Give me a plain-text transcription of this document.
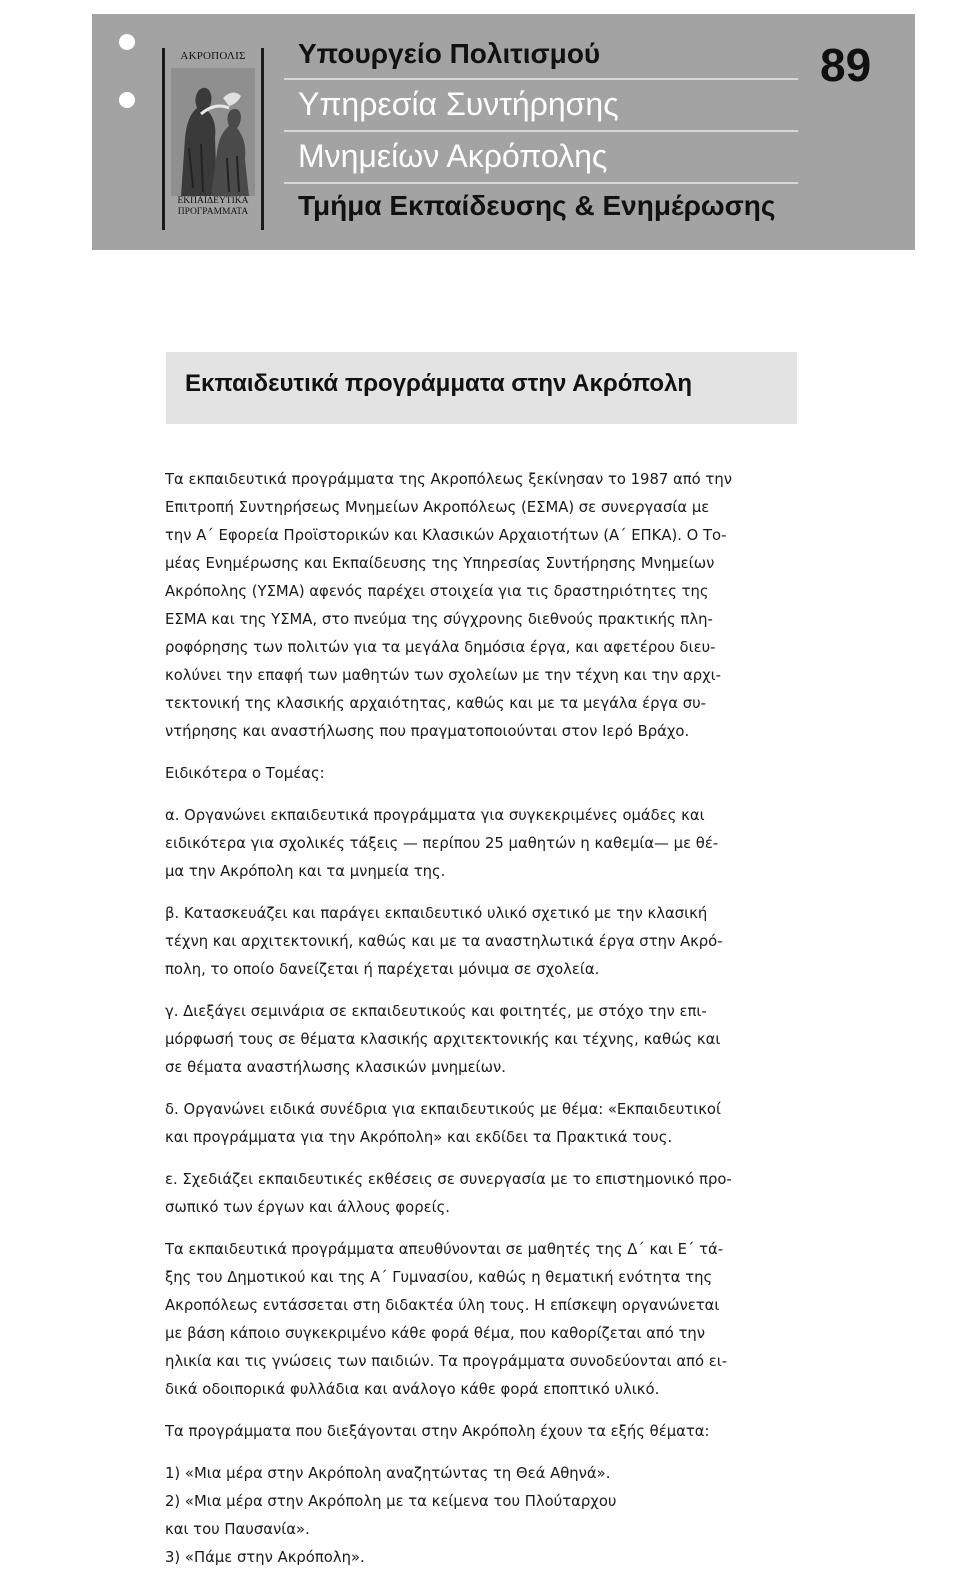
ΑΚΡΟΠΟΛΙΣ
ΕΚΠΑΙΔΕΥΤΙΚΑ
ΠΡΟΓΡΑΜΜΑΤΑ
Υπουργείο Πολιτισμού
Υπηρεσία Συντήρησης
Μνημείων Ακρόπολης
Τμήμα Εκπαίδευσης & Ενημέρωσης
89
Εκπαιδευτικά προγράμματα στην Ακρόπολη
Τα εκπαιδευτικά προγράμματα της Ακροπόλεως ξεκίνησαν το 1987 από την
Επιτροπή Συντηρήσεως Μνημείων Ακροπόλεως (ΕΣΜΑ) σε συνεργασία με
την Α΄ Εφορεία Προϊστορικών και Κλασικών Αρχαιοτήτων (Α΄ ΕΠΚΑ). Ο Το-
μέας Ενημέρωσης και Εκπαίδευσης της Υπηρεσίας Συντήρησης Μνημείων
Ακρόπολης (ΥΣΜΑ) αφενός παρέχει στοιχεία για τις δραστηριότητες της
ΕΣΜΑ και της ΥΣΜΑ, στο πνεύμα της σύγχρονης διεθνούς πρακτικής πλη-
ροφόρησης των πολιτών για τα μεγάλα δημόσια έργα, και αφετέρου διευ-
κολύνει την επαφή των μαθητών των σχολείων με την τέχνη και την αρχι-
τεκτονική της κλασικής αρχαιότητας, καθώς και με τα μεγάλα έργα συ-
ντήρησης και αναστήλωσης που πραγματοποιούνται στον Ιερό Βράχο.
Ειδικότερα ο Τομέας:
α. Οργανώνει εκπαιδευτικά προγράμματα για συγκεκριμένες ομάδες και
ειδικότερα για σχολικές τάξεις — περίπου 25 μαθητών η καθεμία— με θέ-
μα την Ακρόπολη και τα μνημεία της.
β. Κατασκευάζει και παράγει εκπαιδευτικό υλικό σχετικό με την κλασική
τέχνη και αρχιτεκτονική, καθώς και με τα αναστηλωτικά έργα στην Ακρό-
πολη, το οποίο δανείζεται ή παρέχεται μόνιμα σε σχολεία.
γ. Διεξάγει σεμινάρια σε εκπαιδευτικούς και φοιτητές, με στόχο την επι-
μόρφωσή τους σε θέματα κλασικής αρχιτεκτονικής και τέχνης, καθώς και
σε θέματα αναστήλωσης κλασικών μνημείων.
δ. Οργανώνει ειδικά συνέδρια για εκπαιδευτικούς με θέμα: «Εκπαιδευτικοί
και προγράμματα για την Ακρόπολη» και εκδίδει τα Πρακτικά τους.
ε. Σχεδιάζει εκπαιδευτικές εκθέσεις σε συνεργασία με το επιστημονικό προ-
σωπικό των έργων και άλλους φορείς.
Τα εκπαιδευτικά προγράμματα απευθύνονται σε μαθητές της Δ΄ και Ε΄ τά-
ξης του Δημοτικού και της Α΄ Γυμνασίου, καθώς η θεματική ενότητα της
Ακροπόλεως εντάσσεται στη διδακτέα ύλη τους. Η επίσκεψη οργανώνεται
με βάση κάποιο συγκεκριμένο κάθε φορά θέμα, που καθορίζεται από την
ηλικία και τις γνώσεις των παιδιών. Τα προγράμματα συνοδεύονται από ει-
δικά οδοιπορικά φυλλάδια και ανάλογο κάθε φορά εποπτικό υλικό.
Τα προγράμματα που διεξάγονται στην Ακρόπολη έχουν τα εξής θέματα:
1) «Μια μέρα στην Ακρόπολη αναζητώντας τη Θεά Αθηνά».
2) «Μια μέρα στην Ακρόπολη με τα κείμενα του Πλούταρχου
και του Παυσανία».
3) «Πάμε στην Ακρόπολη».
